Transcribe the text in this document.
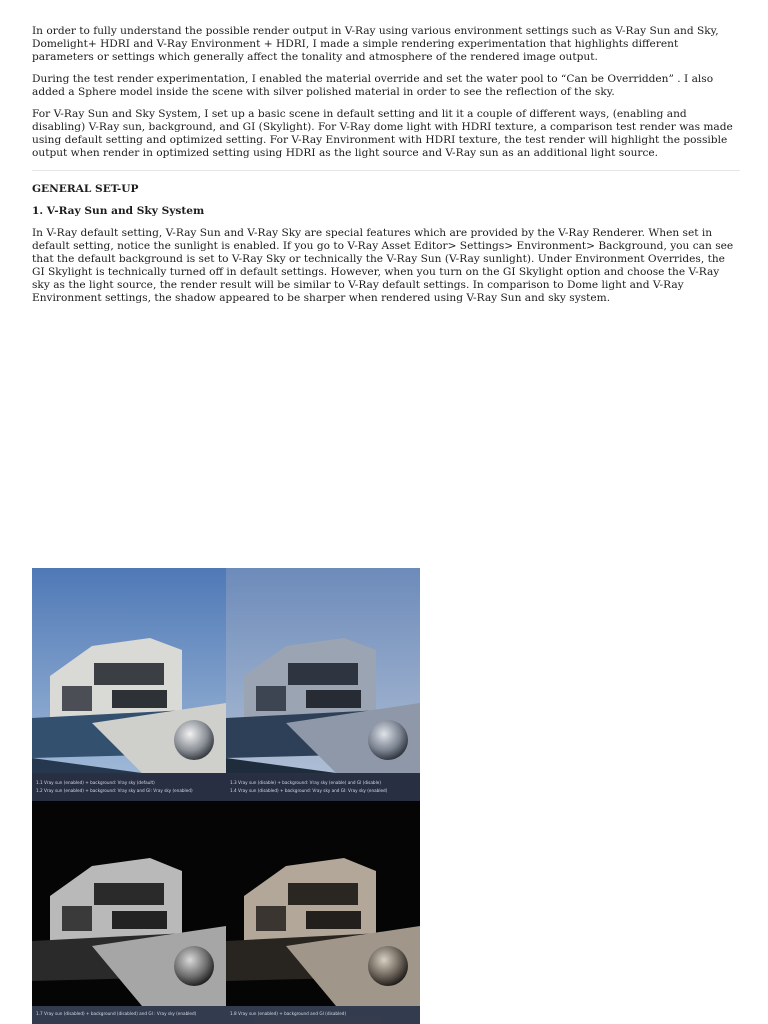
In order to fully understand the possible render output in V-Ray using various environment settings such as V-Ray Sun and Sky, Domelight+ HDRI and V-Ray Environment + HDRI, I made a simple rendering experimentation that highlights different parameters or settings which generally affect the tonality and atmosphere of the rendered image output.

During the test render experimentation, I enabled the material override and set the water pool to “Can be Overridden” . I also added a Sphere model inside the scene with silver polished material in order to see the reflection of the sky.

For V-Ray Sun and Sky System, I set up a basic scene in default setting and lit it a couple of different ways, (enabling and disabling) V-Ray sun, background, and GI (Skylight). For V-Ray dome light with HDRI texture, a comparison test render was made using default setting and optimized setting. For V-Ray Environment with HDRI texture, the test render will highlight the possible output when render in optimized setting using HDRI as the light source and V-Ray sun as an additional light source.

GENERAL SET-UP
1. V-Ray Sun and Sky System

In V-Ray default setting, V-Ray Sun and V-Ray Sky are special features which are provided by the V-Ray Renderer. When set in default setting, notice the sunlight is enabled. If you go to V-Ray Asset Editor> Settings> Environment> Background, you can see that the default background is set to V-Ray Sky or technically the V-Ray Sun (V-Ray sunlight). Under Environment Overrides, the GI Skylight is technically turned off in default settings. However, when you turn on the GI Skylight option and choose the V-Ray sky as the light source, the render result will be similar to V-Ray default settings. In comparison to Dome light and V-Ray Environment settings, the shadow appeared to be sharper when rendered using V-Ray Sun and sky system.

1.1 Vray sun (enabled) + background: Vray sky (default)
1.2 Vray sun (enabled) + background: Vray sky and GI: Vray sky (enabled)
1.3 Vray sun (disable) + background: Vray sky (enable) and GI (disable)
1.4 Vray sun (disabled) + background: Vray sky and GI: Vray sky (enabled)
1.7 Vray sun (disabled) + background (disabled) and GI : Vray sky (enabled)	1.8 Vray sun (enabled) + background and GI (disabled)
